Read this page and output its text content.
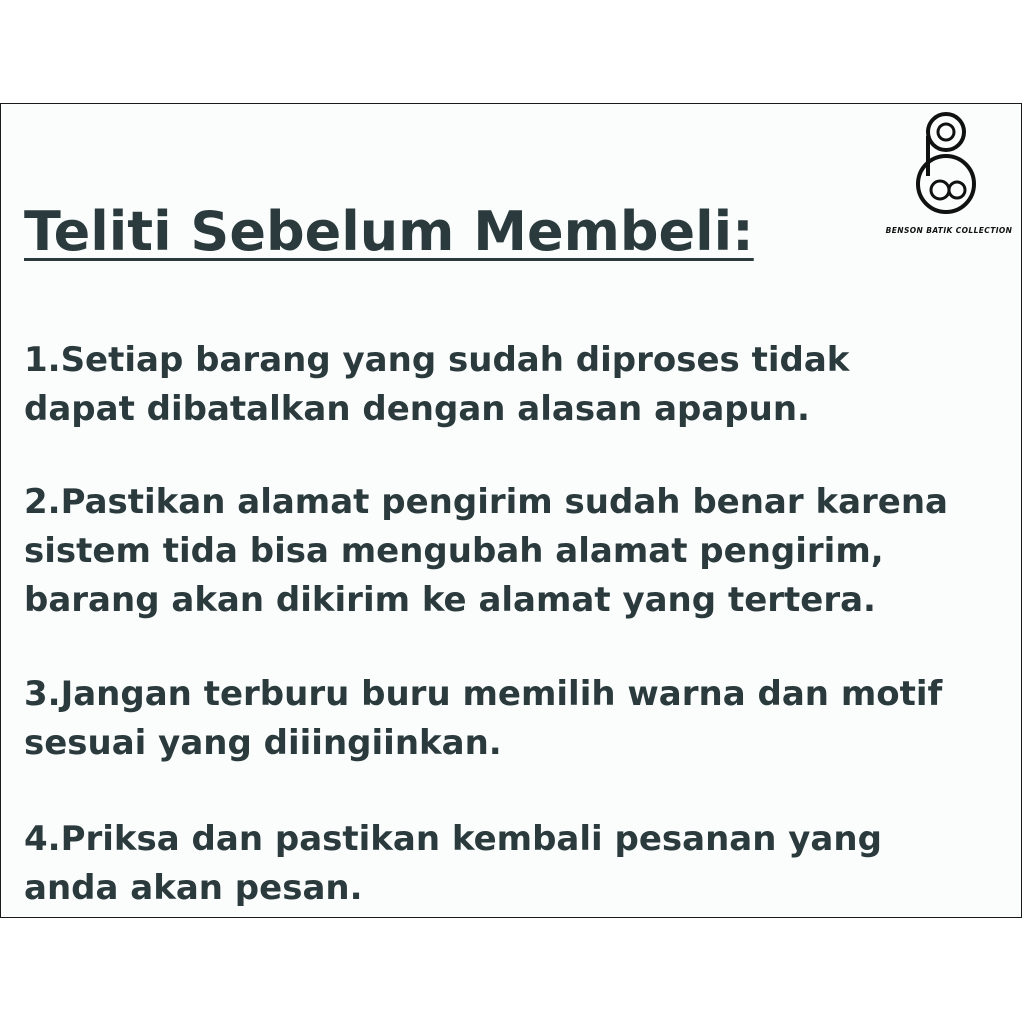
BENSON BATIK COLLECTION
Teliti Sebelum Membeli:
1.Setiap barang yang sudah diproses tidak
dapat dibatalkan dengan alasan apapun.
2.Pastikan alamat pengirim sudah benar karena
sistem tida bisa mengubah alamat pengirim,
barang akan dikirim ke alamat yang tertera.
3.Jangan terburu buru memilih warna dan motif
sesuai yang diiingiinkan.
4.Priksa dan pastikan kembali pesanan yang
anda akan pesan.
